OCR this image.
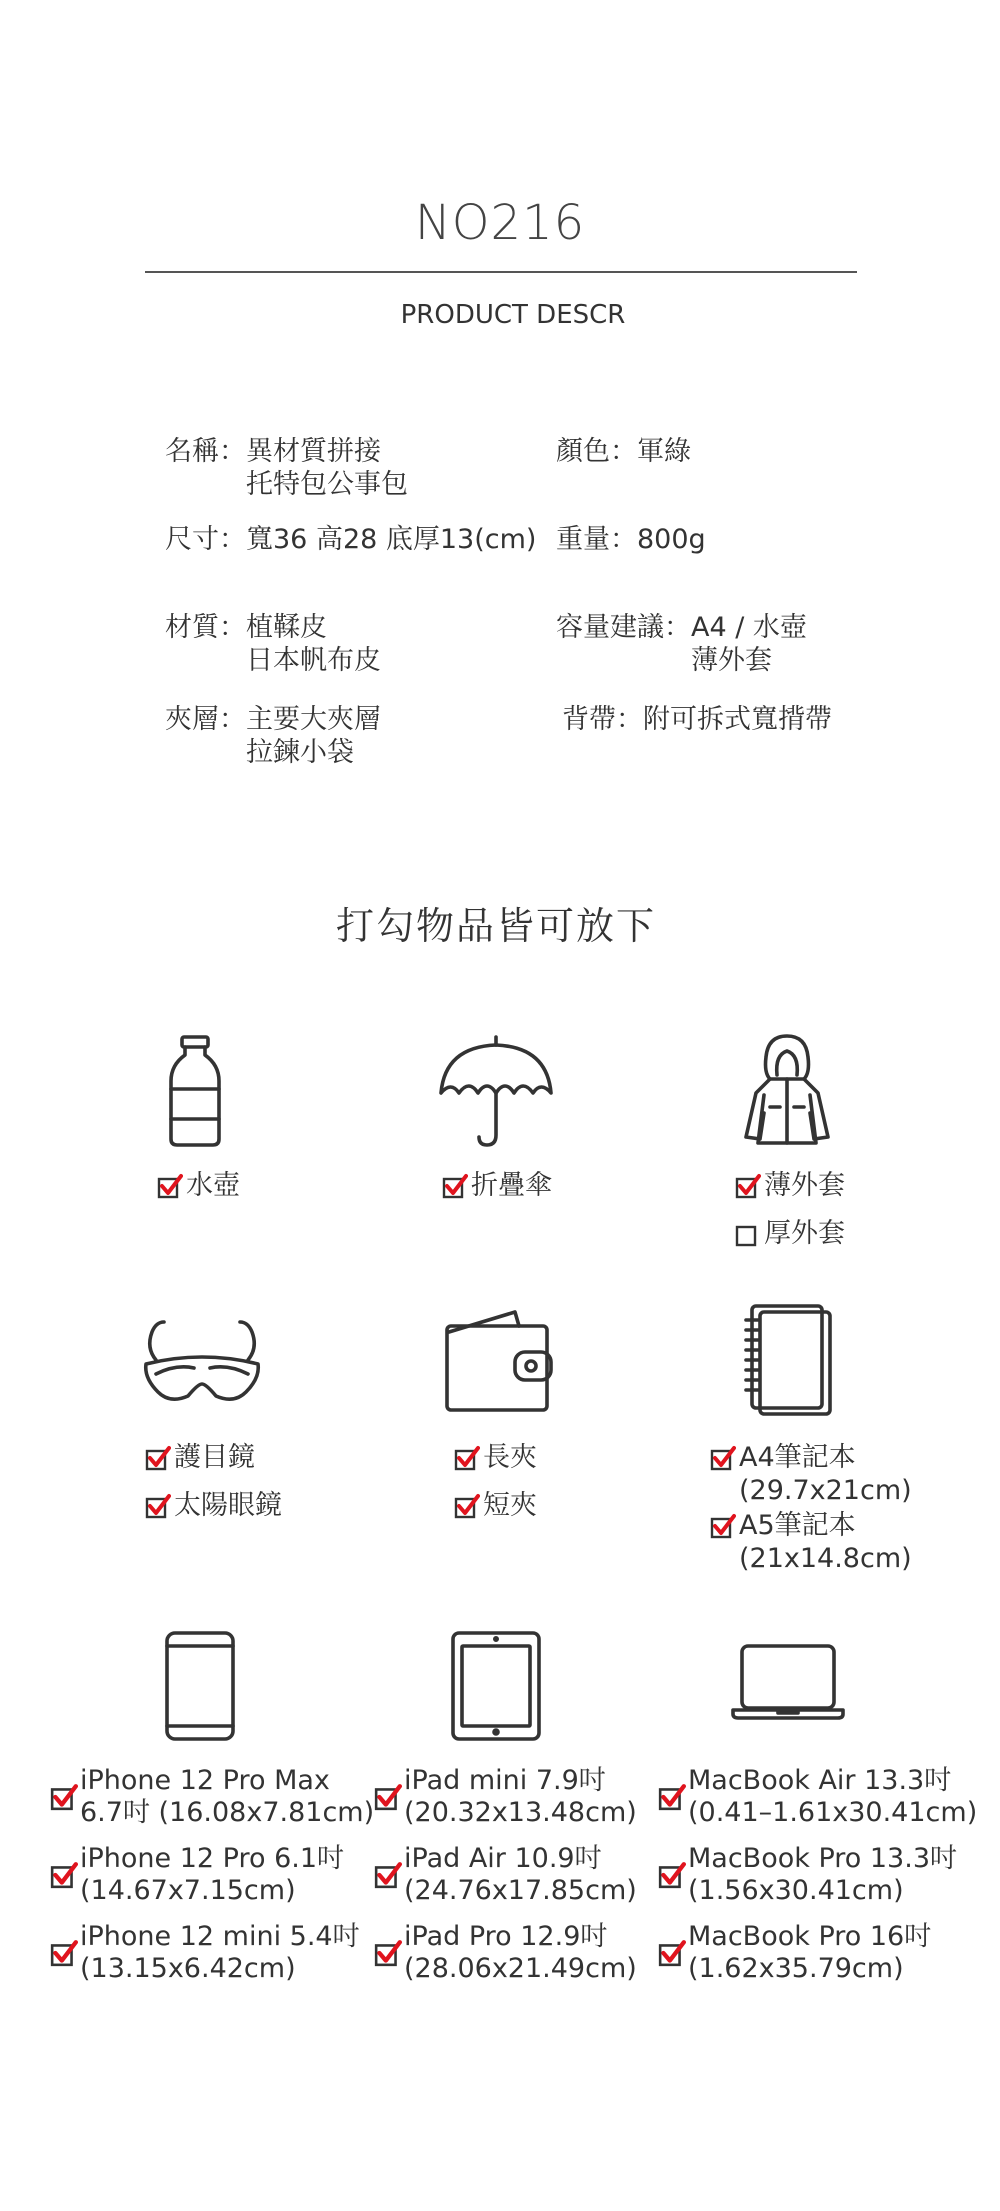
NO216
PRODUCT DESCR
名稱：異材質拼接
托特包公事包
顏色：軍綠
尺寸：寬36 高28 底厚13(cm) 重量：800g
材質：植鞣皮
日本帆布皮
容量建議：A4 / 水壺
薄外套
夾層：主要大夾層
拉鍊小袋
背帶：附可拆式寬揹帶
打勾物品皆可放下
水壺	折疊傘	薄外套
厚外套
護目鏡
太陽眼鏡
長夾
短夾
A4筆記本
(29.7x21cm)
A5筆記本
(21x14.8cm)
iPhone 12 Pro Max
6.7吋 (16.08x7.81cm)
iPhone 12 Pro 6.1吋
(14.67x7.15cm)
iPhone 12 mini 5.4吋
(13.15x6.42cm)
iPad mini 7.9吋
(20.32x13.48cm)
iPad Air 10.9吋
(24.76x17.85cm)
iPad Pro 12.9吋
(28.06x21.49cm)
MacBook Air 13.3吋
(0.41–1.61x30.41cm)
MacBook Pro 13.3吋
(1.56x30.41cm)
MacBook Pro 16吋
(1.62x35.79cm)
